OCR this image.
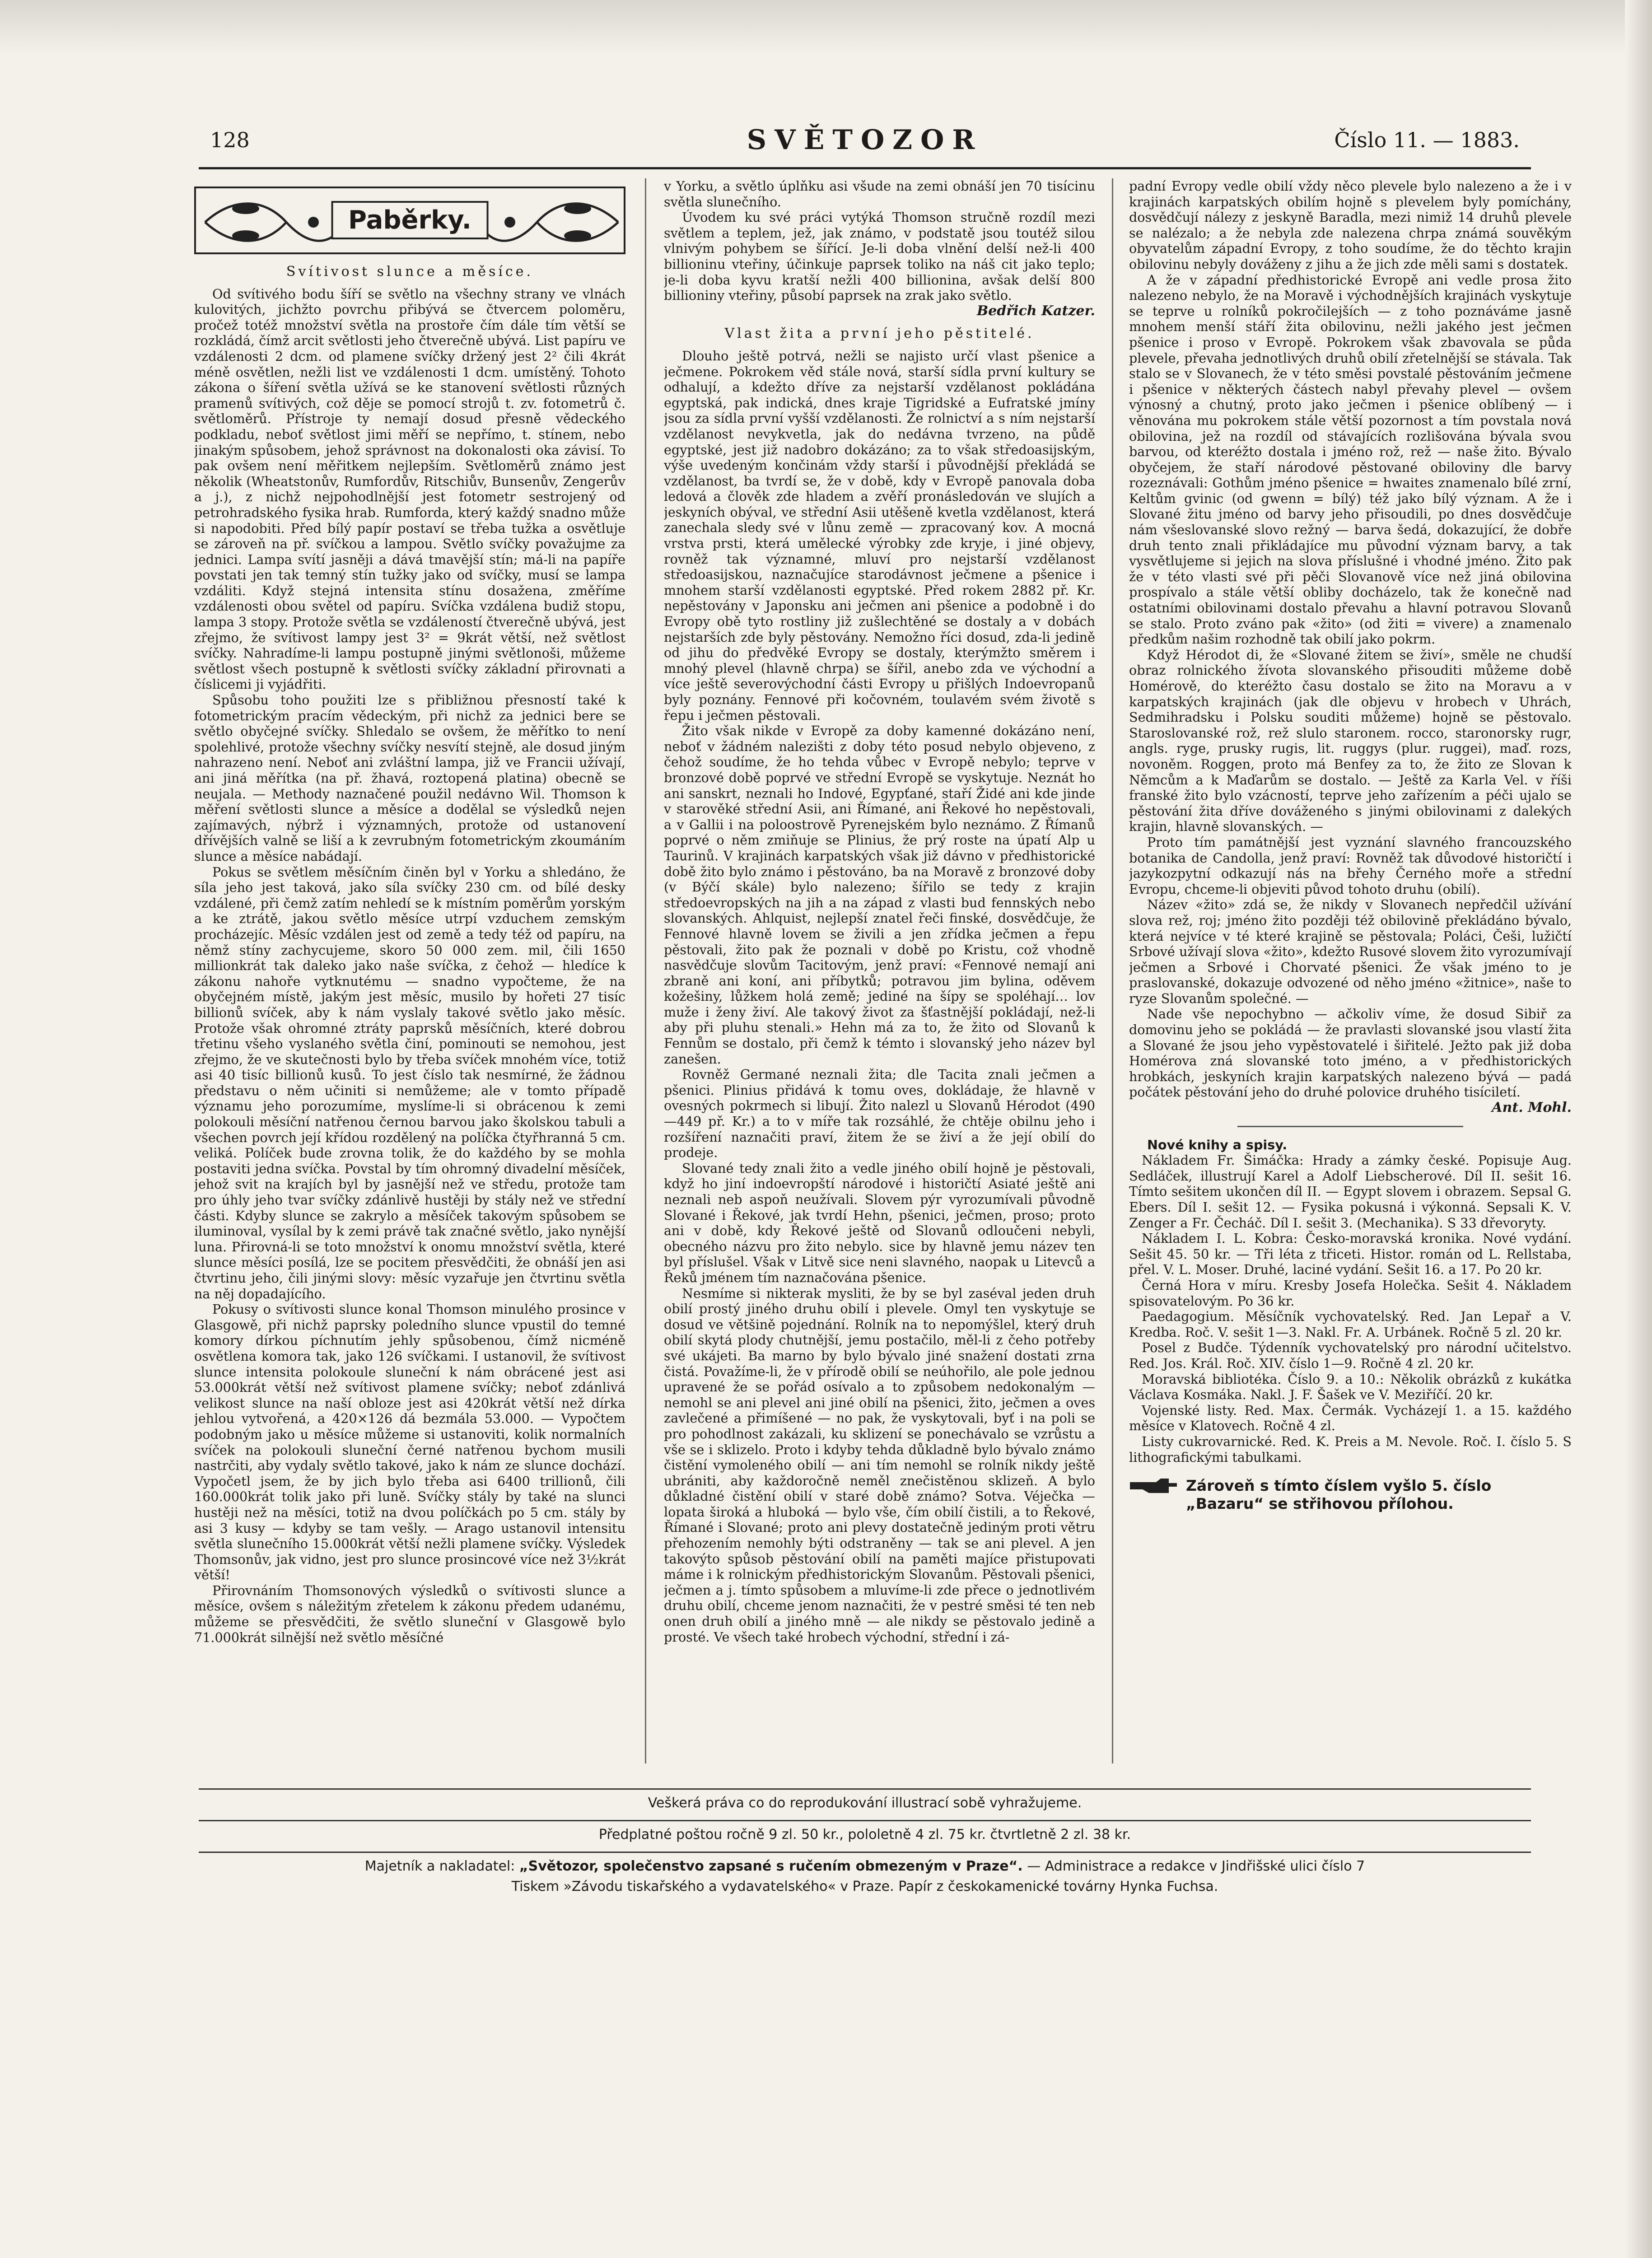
128	SVĚTOZOR	Číslo 11. — 1883.
Paběrky.

Svítivost slunce a měsíce.

Od svítivého bodu šíří se světlo na všechny strany ve vlnách kulovitých, jichžto povrchu přibývá se čtvercem poloměru, pročež totéž množství světla na prostoře čím dále tím větší se rozkládá, čímž arcit světlosti jeho čtverečně ubývá. List papíru ve vzdálenosti 2 dcm. od plamene svíčky držený jest 2² čili 4krát méně osvětlen, nežli list ve vzdálenosti 1 dcm. umístěný. Tohoto zákona o šíření světla užívá se ke stanovení světlosti různých pramenů svítivých, což děje se pomocí strojů t. zv. fotometrů č. světloměrů. Přístroje ty nemají dosud přesně vědeckého podkladu, neboť světlost jimi měří se nepřímo, t. stínem, nebo jinakým spůsobem, jehož správnost na dokonalosti oka závisí. To pak ovšem není měřitkem nejlepším. Světloměrů známo jest několik (Wheatstonův, Rumfordův, Ritschiův, Bunsenův, Zengerův a j.), z nichž nejpohodlnější jest fotometr sestrojený od petrohradského fysika hrab. Rumforda, který každý snadno může si napodobiti. Před bílý papír postaví se třeba tužka a osvětluje se zároveň na př. svíčkou a lampou. Světlo svíčky považujme za jednici. Lampa svítí jasněji a dává tmavější stín; má-li na papíře povstati jen tak temný stín tužky jako od svíčky, musí se lampa vzdáliti. Když stejná intensita stínu dosažena, změříme vzdálenosti obou světel od papíru. Svíčka vzdálena budiž stopu, lampa 3 stopy. Protože světla se vzdáleností čtverečně ubývá, jest zřejmo, že svítivost lampy jest 3² = 9krát větší, než světlost svíčky. Nahradíme-li lampu postupně jinými světlonoši, můžeme světlost všech postupně k světlosti svíčky základní přirovnati a číslicemi ji vyjádřiti.

Spůsobu toho použiti lze s přibližnou přesností také k fotometrickým pracím vědeckým, při nichž za jednici bere se světlo obyčejné svíčky. Shledalo se ovšem, že měřítko to není spolehlivé, protože všechny svíčky nesvítí stejně, ale dosud jiným nahrazeno není. Neboť ani zvláštní lampa, již ve Francii užívají, ani jiná měřítka (na př. žhavá, roztopená platina) obecně se neujala. — Methody naznačené použil nedávno Wil. Thomson k měření světlosti slunce a měsíce a dodělal se výsledků nejen zajímavých, nýbrž i významných, protože od ustanovení dřívějších valně se liší a k zevrubným fotometrickým zkoumáním slunce a měsíce nabádají.

Pokus se světlem měsíčním činěn byl v Yorku a shledáno, že síla jeho jest taková, jako síla svíčky 230 cm. od bílé desky vzdálené, při čemž zatím nehledí se k místním poměrům yorským a ke ztrátě, jakou světlo měsíce utrpí vzduchem zemským procházejíc. Měsíc vzdálen jest od země a tedy též od papíru, na němž stíny zachycujeme, skoro 50 000 zem. mil, čili 1650 millionkrát tak daleko jako naše svíčka, z čehož — hledíce k zákonu nahoře vytknutému — snadno vypočteme, že na obyčejném místě, jakým jest měsíc, musilo by hořeti 27 tisíc billionů svíček, aby k nám vyslaly takové světlo jako měsíc. Protože však ohromné ztráty paprsků měsíčních, které dobrou třetinu všeho vyslaného světla činí, pominouti se nemohou, jest zřejmo, že ve skutečnosti bylo by třeba svíček mnohém více, totiž asi 40 tisíc billionů kusů. To jest číslo tak nesmírné, že žádnou představu o něm učiniti si nemůžeme; ale v tomto případě významu jeho porozumíme, myslíme-li si obrácenou k zemi polokouli měsíční natřenou černou barvou jako školskou tabuli a všechen povrch její křídou rozdělený na políčka čtyřhranná 5 cm. veliká. Políček bude zrovna tolik, že do každého by se mohla postaviti jedna svíčka. Povstal by tím ohromný divadelní měsíček, jehož svit na krajích byl by jasnější než ve středu, protože tam pro úhly jeho tvar svíčky zdánlivě hustěji by stály než ve střední části. Kdyby slunce se zakrylo a měsíček takovým spůsobem se iluminoval, vysílal by k zemi právě tak značné světlo, jako nynější luna. Přirovná-li se toto množství k onomu množství světla, které slunce měsíci posílá, lze se pocitem přesvědčiti, že obnáší jen asi čtvrtinu jeho, čili jinými slovy: měsíc vyzařuje jen čtvrtinu světla na něj dopadajícího.

Pokusy o svítivosti slunce konal Thomson minulého prosince v Glasgowě, při nichž paprsky poledního slunce vpustil do temné komory dírkou píchnutím jehly spůsobenou, čímž nicméně osvětlena komora tak, jako 126 svíčkami. I ustanovil, že svítivost slunce intensita polokoule sluneční k nám obrácené jest asi 53.000krát větší než svítivost plamene svíčky; neboť zdánlivá velikost slunce na naší obloze jest asi 420krát větší než dírka jehlou vytvořená, a 420×126 dá bezmála 53.000. — Vypočtem podobným jako u měsíce můžeme si ustanoviti, kolik normalních svíček na polokouli sluneční černé natřenou bychom musili nastrčiti, aby vydaly světlo takové, jako k nám ze slunce dochází. Vypočetl jsem, že by jich bylo třeba asi 6400 trillionů, čili 160.000krát tolik jako při luně. Svíčky stály by také na slunci hustěji než na měsíci, totiž na dvou políčkách po 5 cm. stály by asi 3 kusy — kdyby se tam vešly. — Arago ustanovil intensitu světla slunečního 15.000krát větší nežli plamene svíčky. Výsledek Thomsonův, jak vidno, jest pro slunce prosincové více než 3½krát větší!

Přirovnáním Thomsonových výsledků o svítivosti slunce a měsíce, ovšem s náležitým zřetelem k zákonu předem udanému, můžeme se přesvědčiti, že světlo sluneční v Glasgowě bylo 71.000krát silnější než světlo měsíčné

v Yorku, a světlo úplňku asi všude na zemi obnáší jen 70 tisícinu světla slunečního.

Úvodem ku své práci vytýká Thomson stručně rozdíl mezi světlem a teplem, jež, jak známo, v podstatě jsou toutéž silou vlnivým pohybem se šířící. Je-li doba vlnění delší než-li 400 billioninu vteřiny, účinkuje paprsek toliko na náš cit jako teplo; je-li doba kyvu kratší nežli 400 billionina, avšak delší 800 billioniny vteřiny, působí paprsek na zrak jako světlo.

Bedřich Katzer.

Vlast žita a první jeho pěstitelé.

Dlouho ještě potrvá, nežli se najisto určí vlast pšenice a ječmene. Pokrokem věd stále nová, starší sídla první kultury se odhalují, a kdežto dříve za nejstarší vzdělanost pokládána egyptská, pak indická, dnes kraje Tigridské a Eufratské jmíny jsou za sídla první vyšší vzdělanosti. Že rolnictví a s ním nejstarší vzdělanost nevykvetla, jak do nedávna tvrzeno, na půdě egyptské, jest již nadobro dokázáno; za to však středoasijským, výše uvedeným končinám vždy starší i původnější překládá se vzdělanost, ba tvrdí se, že v době, kdy v Evropě panovala doba ledová a člověk zde hladem a zvěří pronásledován ve slujích a jeskyních obýval, ve střední Asii utěšeně kvetla vzdělanost, která zanechala sledy své v lůnu země — zpracovaný kov. A mocná vrstva prsti, která umělecké výrobky zde kryje, i jiné objevy, rovněž tak významné, mluví pro nejstarší vzdělanost středoasijskou, naznačujíce starodávnost ječmene a pšenice i mnohem starší vzdělanosti egyptské. Před rokem 2882 př. Kr. nepěstovány v Japonsku ani ječmen ani pšenice a podobně i do Evropy obě tyto rostliny již zušlechtěné se dostaly a v dobách nejstarších zde byly pěstovány. Nemožno říci dosud, zda-li jedině od jihu do předvěké Evropy se dostaly, kterýmžto směrem i mnohý plevel (hlavně chrpa) se šířil, anebo zda ve východní a více ještě severovýchodní části Evropy u přišlých Indoevropanů byly poznány. Fennové při kočovném, toulavém svém životě s řepu i ječmen pěstovali.

Žito však nikde v Evropě za doby kamenné dokázáno není, neboť v žádném nalezišti z doby této posud nebylo objeveno, z čehož soudíme, že ho tehda vůbec v Evropě nebylo; teprve v bronzové době poprvé ve střední Evropě se vyskytuje. Neznát ho ani sanskrt, neznali ho Indové, Egypťané, staří Židé ani kde jinde v starověké střední Asii, ani Římané, ani Řekové ho nepěstovali, a v Gallii i na poloostrově Pyrenejském bylo neznámo. Z Římanů poprvé o něm zmiňuje se Plinius, že prý roste na úpatí Alp u Taurinů. V krajinách karpatských však již dávno v předhistorické době žito bylo známo i pěstováno, ba na Moravě z bronzové doby (v Býčí skále) bylo nalezeno; šířilo se tedy z krajin středoevropských na jih a na západ z vlasti bud fennských nebo slovanských. Ahlquist, nejlepší znatel řeči finské, dosvědčuje, že Fennové hlavně lovem se živili a jen zřídka ječmen a řepu pěstovali, žito pak že poznali v době po Kristu, což vhodně nasvědčuje slovům Tacitovým, jenž praví: «Fennové nemají ani zbraně ani koní, ani příbytků; potravou jim bylina, oděvem kožešiny, lůžkem holá země; jediné na šípy se spoléhají… lov muže i ženy živí. Ale takový život za šťastnější pokládají, než-li aby při pluhu stenali.» Hehn má za to, že žito od Slovanů k Fennům se dostalo, při čemž k témto i slovanský jeho název byl zanešen.

Rovněž Germané neznali žita; dle Tacita znali ječmen a pšenici. Plinius přidává k tomu oves, dokládaje, že hlavně v ovesných pokrmech si libují. Žito nalezl u Slovanů Hérodot (490—449 př. Kr.) a to v míře tak rozsáhlé, že chtěje obilnu jeho i rozšíření naznačiti praví, žitem že se živí a že její obilí do prodeje.

Slované tedy znali žito a vedle jiného obilí hojně je pěstovali, když ho jiní indoevropští národové i historičtí Asiaté ještě ani neznali neb aspoň neužívali. Slovem pýr vyrozumívali původně Slované i Řekové, jak tvrdí Hehn, pšenici, ječmen, proso; proto ani v době, kdy Řekové ještě od Slovanů odloučeni nebyli, obecného názvu pro žito nebylo. sice by hlavně jemu název ten byl příslušel. Však v Litvě sice neni slavného, naopak u Litevců a Řeků jménem tím naznačována pšenice.

Nesmíme si nikterak mysliti, že by se byl zaséval jeden druh obilí prostý jiného druhu obilí i plevele. Omyl ten vyskytuje se dosud ve většině pojednání. Rolník na to nepomýšlel, který druh obilí skytá plody chutnější, jemu postačilo, měl-li z čeho potřeby své ukájeti. Ba marno by bylo bývalo jiné snažení dostati zrna čistá. Považíme-li, že v přírodě obilí se neúhořilo, ale pole jednou upravené že se pořád osívalo a to způsobem nedokonalým — nemohl se ani plevel ani jiné obilí na pšenici, žito, ječmen a oves zavlečené a přimíšené — no pak, že vyskytovali, byť i na poli se pro pohodlnost zakázali, ku sklizení se ponechávalo se vzrůstu a vše se i sklizelo. Proto i kdyby tehda důkladně bylo bývalo známo čistění vymoleného obilí — ani tím nemohl se rolník nikdy ještě ubrániti, aby každoročně neměl znečistěnou sklizeň. A bylo důkladné čistění obilí v staré době známo? Sotva. Véječka — lopata široká a hluboká — bylo vše, čím obilí čistili, a to Řekové, Římané i Slované; proto ani plevy dostatečně jediným proti větru přehozením nemohly býti odstraněny — tak se ani plevel. A jen takovýto spůsob pěstování obilí na paměti majíce přistupovati máme i k rolnickým předhistorickým Slovanům. Pěstovali pšenici, ječmen a j. tímto spůsobem a mluvíme-li zde přece o jednotlivém druhu obilí, chceme jenom naznačiti, že v pestré směsi té ten neb onen druh obilí a jiného mně — ale nikdy se pěstovalo jedině a prosté. Ve všech také hrobech východní, střední i zá-

padní Evropy vedle obilí vždy něco plevele bylo nalezeno a že i v krajinách karpatských obilím hojně s plevelem byly pomíchány, dosvědčují nálezy z jeskyně Baradla, mezi nimiž 14 druhů plevele se nalézalo; a že nebyla zde nalezena chrpa známá souvěkým obyvatelům západní Evropy, z toho soudíme, že do těchto krajin obilovinu nebyly dováženy z jihu a že jich zde měli sami s dostatek.

A že v západní předhistorické Evropě ani vedle prosa žito nalezeno nebylo, že na Moravě i východnějších krajinách vyskytuje se teprve u rolníků pokročilejších — z toho poznáváme jasně mnohem menší stáří žita obilovinu, nežli jakého jest ječmen pšenice i proso v Evropě. Pokrokem však zbavovala se půda plevele, převaha jednotlivých druhů obilí zřetelnější se stávala. Tak stalo se v Slovanech, že v této směsi povstalé pěstováním ječmene i pšenice v některých částech nabyl převahy plevel — ovšem výnosný a chutný, proto jako ječmen i pšenice oblíbený — i věnována mu pokrokem stále větší pozornost a tím povstala nová obilovina, jež na rozdíl od stávajících rozlišována bývala svou barvou, od kteréžto dostala i jméno rož, rež — naše žito. Bývalo obyčejem, že staří národové pěstované obiloviny dle barvy rozeznávali: Gothům jméno pšenice = hwaites znamenalo bílé zrní, Keltům gvinic (od gwenn = bílý) též jako bílý význam. A že i Slované žitu jméno od barvy jeho přisoudili, po dnes dosvědčuje nám všeslovanské slovo režný — barva šedá, dokazující, že dobře druh tento znali přikládajíce mu původní význam barvy, a tak vysvětlujeme si jejich na slova příslušné i vhodné jméno. Žito pak že v této vlasti své při pěči Slovanově více než jiná obilovina prospívalo a stále větší obliby docházelo, tak že konečně nad ostatními obilovinami dostalo převahu a hlavní potravou Slovanů se stalo. Proto zváno pak «žito» (od žiti = vivere) a znamenalo předkům našim rozhodně tak obilí jako pokrm.

Když Hérodot di, že «Slované žitem se živí», směle ne chudší obraz rolnického žívota slovanského přisouditi můžeme době Homérově, do kteréžto času dostalo se žito na Moravu a v karpatských krajinách (jak dle objevu v hrobech v Uhrách, Sedmihradsku i Polsku souditi můžeme) hojně se pěstovalo. Staroslovanské rož, rež slulo staronem. rocco, staronorsky rugr, angls. ryge, prusky rugis, lit. ruggys (plur. ruggei), maď. rozs, novoněm. Roggen, proto má Benfey za to, že žito ze Slovan k Němcům a k Maďarům se dostalo. — Ještě za Karla Vel. v říši franské žito bylo vzácností, teprve jeho zařízením a péči ujalo se pěstování žita dříve dováženého s jinými obilovinami z dalekých krajin, hlavně slovanských. —

Proto tím památnější jest vyznání slavného francouzského botanika de Candolla, jenž praví: Rovněž tak důvodové historičtí i jazykozpytní odkazují nás na břehy Černého moře a střední Evropu, chceme-li objeviti původ tohoto druhu (obilí).

Název «žito» zdá se, že nikdy v Slovanech nepředčil užívání slova rež, roj; jméno žito později též obilovině překládáno bývalo, která nejvíce v té které krajině se pěstovala; Poláci, Češi, lužičtí Srbové užívají slova «žito», kdežto Rusové slovem žito vyrozumívají ječmen a Srbové i Chorvaté pšenici. Že však jméno to je praslovanské, dokazuje odvozené od něho jméno «žitnice», naše to ryze Slovanům společné. —

Nade vše nepochybno — ačkoliv víme, že dosud Sibiř za domovinu jeho se pokládá — že pravlasti slovanské jsou vlastí žita a Slované že jsou jeho vypěstovatelé i šiřitelé. Ježto pak již doba Homérova zná slovanské toto jméno, a v předhistorických hrobkách, jeskyních krajin karpatských nalezeno bývá — padá počátek pěstování jeho do druhé polovice druhého tisíciletí.

Ant. Mohl.

Nové knihy a spisy.

Nákladem Fr. Šimáčka: Hrady a zámky české. Popisuje Aug. Sedláček, illustrují Karel a Adolf Liebscherové. Díl II. sešit 16. Tímto sešitem ukončen díl II. — Egypt slovem i obrazem. Sepsal G. Ebers. Díl I. sešit 12. — Fysika pokusná i výkonná. Sepsali K. V. Zenger a Fr. Čecháč. Díl I. sešit 3. (Mechanika). S 33 dřevoryty.

Nákladem I. L. Kobra: Česko-moravská kronika. Nové vydání. Sešit 45. 50 kr. — Tři léta z třiceti. Histor. román od L. Rellstaba, přel. V. L. Moser. Druhé, laciné vydání. Sešit 16. a 17. Po 20 kr.

Černá Hora v míru. Kresby Josefa Holečka. Sešit 4. Nákladem spisovatelovým. Po 36 kr.

Paedagogium. Měsíčník vychovatelský. Red. Jan Lepař a V. Kredba. Roč. V. sešit 1—3. Nakl. Fr. A. Urbánek. Ročně 5 zl. 20 kr.

Posel z Budče. Týdenník vychovatelský pro národní učitelstvo. Red. Jos. Král. Roč. XIV. číslo 1—9. Ročně 4 zl. 20 kr.

Moravská bibliotéka. Číslo 9. a 10.: Několik obrázků z kukátka Václava Kosmáka. Nakl. J. F. Šašek ve V. Meziříčí. 20 kr.

Vojenské listy. Red. Max. Čermák. Vycházejí 1. a 15. každého měsíce v Klatovech. Ročně 4 zl.

Listy cukrovarnické. Red. K. Preis a M. Nevole. Roč. I. číslo 5. S lithografickými tabulkami.

Zároveň s tímto číslem vyšlo 5. číslo „Bazaru“ se střihovou přílohou.
Veškerá práva co do reprodukování illustrací sobě vyhražujeme.
Předplatné poštou ročně 9 zl. 50 kr., pololetně 4 zl. 75 kr. čtvrtletně 2 zl. 38 kr.
Majetník a nakladatel: „Světozor, společenstvo zapsané s ručením obmezeným v Praze“. — Administrace a redakce v Jindřišské ulici číslo 7
Tiskem »Závodu tiskařského a vydavatelského« v Praze. Papír z českokamenické továrny Hynka Fuchsa.
